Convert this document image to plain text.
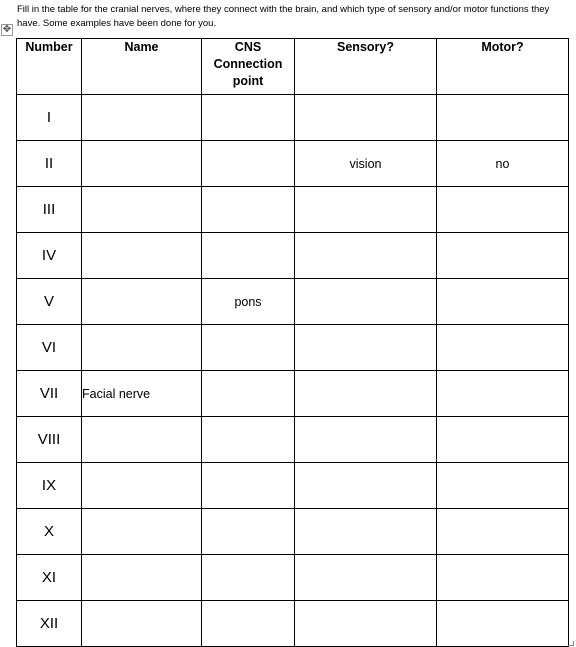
Fill in the table for the cranial nerves, where they connect with the brain, and which type of sensory and/or motor functions they have. Some examples have been done for you.

✥
Number	Name	CNS Connection point	Sensory?	Motor?
I				
II			vision	no
III				
IV				
V		pons		
VI				
VII	Facial nerve			
VIII				
IX				
X				
XI				
XII				
